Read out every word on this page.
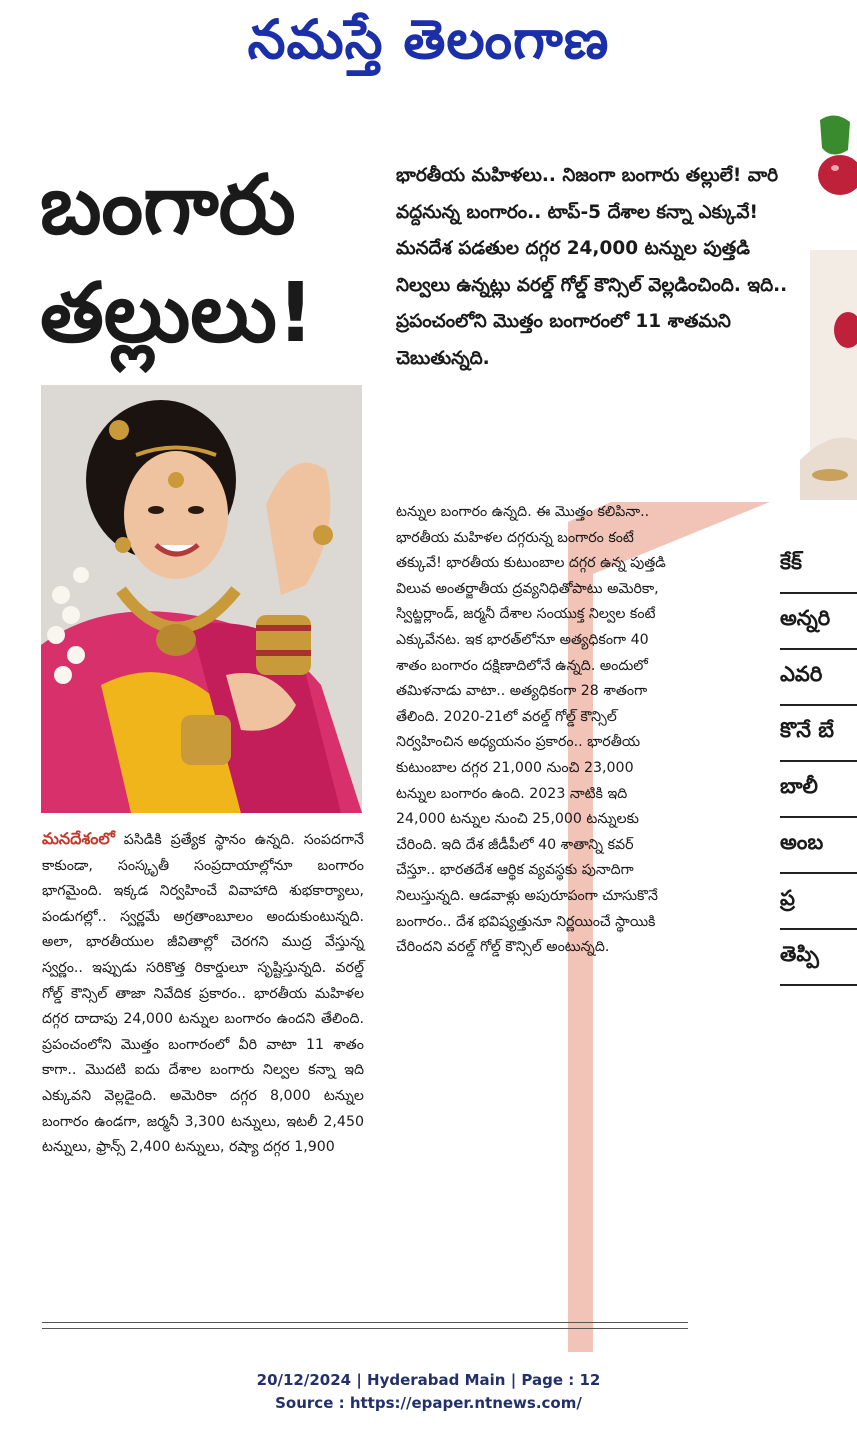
నమస్తే తెలంగాణ
కేక్
అన్నరి
ఎవరి
కొనే బే
బాలీ
అంబ
ప్ర
తెప్పి
బంగారు
తల్లులు!
భారతీయ మహిళలు.. నిజంగా బంగారు తల్లులే! వారి వద్దనున్న బంగారం.. టాప్-5 దేశాల కన్నా ఎక్కువే! మనదేశ పడతుల దగ్గర 24,000 టన్నుల పుత్తడి నిల్వలు ఉన్నట్లు వరల్డ్ గోల్డ్ కౌన్సిల్ వెల్లడించింది. ఇది.. ప్రపంచంలోని మొత్తం బంగారంలో 11 శాతమని చెబుతున్నది.

మనదేశంలో పసిడికి ప్రత్యేక స్థానం ఉన్నది. సంపదగానే కాకుండా, సంస్కృతీ సంప్రదాయాల్లోనూ బంగారం భాగమైంది. ఇక్కడ నిర్వహించే వివాహాది శుభకార్యాలు, పండుగల్లో.. స్వర్ణమే అగ్రతాంబూలం అందుకుంటున్నది. అలా, భారతీయుల జీవితాల్లో చెరగని ముద్ర వేస్తున్న స్వర్ణం.. ఇప్పుడు సరికొత్త రికార్డులూ సృష్టిస్తున్నది. వరల్డ్ గోల్డ్ కౌన్సిల్ తాజా నివేదిక ప్రకారం.. భారతీయ మహిళల దగ్గర దాదాపు 24,000 టన్నుల బంగారం ఉందని తేలింది. ప్రపంచంలోని మొత్తం బంగారంలో వీరి వాటా 11 శాతం కాగా.. మొదటి ఐదు దేశాల బంగారు నిల్వల కన్నా ఇది ఎక్కువని వెల్లడైంది. అమెరికా దగ్గర 8,000 టన్నుల బంగారం ఉండగా, జర్మనీ 3,300 టన్నులు, ఇటలీ 2,450 టన్నులు, ఫ్రాన్స్ 2,400 టన్నులు, రష్యా దగ్గర 1,900

టన్నుల బంగారం ఉన్నది. ఈ మొత్తం కలిపినా.. భారతీయ మహిళల దగ్గరున్న బంగారం కంటే తక్కువే! భారతీయ కుటుంబాల దగ్గర ఉన్న పుత్తడి విలువ అంతర్జాతీయ ద్రవ్యనిధితోపాటు అమెరికా, స్విట్జర్లాండ్, జర్మనీ దేశాల సంయుక్త నిల్వల కంటే ఎక్కువేనట. ఇక భారత్‌లోనూ అత్యధికంగా 40 శాతం బంగారం దక్షిణాదిలోనే ఉన్నది. అందులో తమిళనాడు వాటా.. అత్యధికంగా 28 శాతంగా తేలింది. 2020-21లో వరల్డ్ గోల్డ్ కౌన్సిల్ నిర్వహించిన అధ్యయనం ప్రకారం.. భారతీయ కుటుంబాల దగ్గర 21,000 నుంచి 23,000 టన్నుల బంగారం ఉంది. 2023 నాటికి ఇది 24,000 టన్నుల నుంచి 25,000 టన్నులకు చేరింది. ఇది దేశ జీడీపీలో 40 శాతాన్ని కవర్ చేస్తూ.. భారతదేశ ఆర్థిక వ్యవస్థకు పునాదిగా నిలుస్తున్నది. ఆడవాళ్లు అపురూపంగా చూసుకొనే బంగారం.. దేశ భవిష్యత్తునూ నిర్ణయించే స్థాయికి చేరిందని వరల్డ్ గోల్డ్ కౌన్సిల్ అంటున్నది.

20/12/2024 | Hyderabad Main | Page : 12
Source : https://epaper.ntnews.com/
